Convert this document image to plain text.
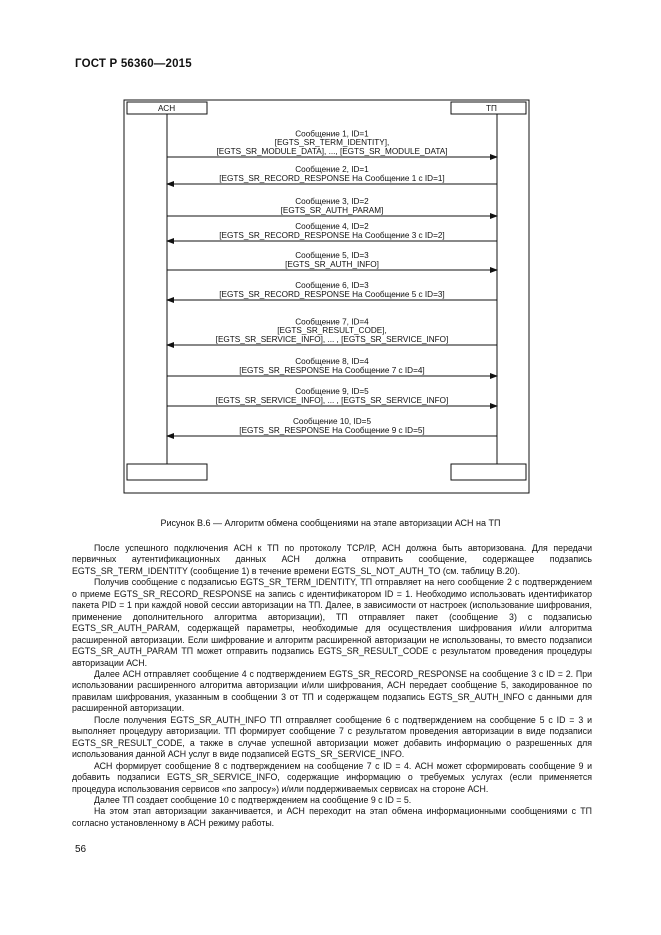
ГОСТ Р 56360—2015
АСН	ТП
Сообщение 1, ID=1
[EGTS_SR_TERM_IDENTITY],
[EGTS_SR_MODULE_DATA], ..., [EGTS_SR_MODULE_DATA]
Сообщение 2, ID=1
[EGTS_SR_RECORD_RESPONSE На Сообщение 1 с ID=1]
Сообщение 3, ID=2
[EGTS_SR_AUTH_PARAM]
Сообщение 4, ID=2
[EGTS_SR_RECORD_RESPONSE На Сообщение 3 с ID=2]
Сообщение 5, ID=3
[EGTS_SR_AUTH_INFO]
Сообщение 6, ID=3
[EGTS_SR_RECORD_RESPONSE На Сообщение 5 с ID=3]
Сообщение 7, ID=4
[EGTS_SR_RESULT_CODE],
[EGTS_SR_SERVICE_INFO], ... , [EGTS_SR_SERVICE_INFO]
Сообщение 8, ID=4
[EGTS_SR_RESPONSE На Сообщение 7 с ID=4]
Сообщение 9, ID=5
[EGTS_SR_SERVICE_INFO], ... , [EGTS_SR_SERVICE_INFO]
Сообщение 10, ID=5
[EGTS_SR_RESPONSE На Сообщение 9 с ID=5]
Рисунок В.6 — Алгоритм обмена сообщениями на этапе авторизации АСН на ТП

После успешного подключения АСН к ТП по протоколу TCP/IP, АСН должна быть авторизована. Для передачи первичных аутентификационных данных АСН должна отправить сообщение, содержащее подзапись EGTS_SR_TERM_IDENTITY (сообщение 1) в течение времени EGTS_SL_NOT_AUTH_TO (см. таблицу В.20).

Получив сообщение с подзаписью EGTS_SR_TERM_IDENTITY, ТП отправляет на него сообщение 2 с подтверждением о приеме EGTS_SR_RECORD_RESPONSE на запись с идентификатором ID = 1. Необходимо использовать идентификатор пакета PID = 1 при каждой новой сессии авторизации на ТП. Далее, в зависимости от настроек (использование шифрования, применение дополнительного алгоритма авторизации), ТП отправляет пакет (сообщение 3) с подзаписью EGTS_SR_AUTH_PARAM, содержащей параметры, необходимые для осуществления шифрования и/или алгоритма расширенной авторизации. Если шифрование и алгоритм расширенной авторизации не использованы, то вместо подзаписи EGTS_SR_AUTH_PARAM ТП может отправить подзапись EGTS_SR_RESULT_CODE с результатом проведения процедуры авторизации АСН.

Далее АСН отправляет сообщение 4 с подтверждением EGTS_SR_RECORD_RESPONSE на сообщение 3 с ID = 2. При использовании расширенного алгоритма авторизации и/или шифрования, АСН передает сообщение 5, закодированное по правилам шифрования, указанным в сообщении 3 от ТП и содержащем подзапись EGTS_SR_AUTH_INFO с данными для расширенной авторизации.

После получения EGTS_SR_AUTH_INFO ТП отправляет сообщение 6 с подтверждением на сообщение 5 с ID = 3 и выполняет процедуру авторизации. ТП формирует сообщение 7 с результатом проведения авторизации в виде подзаписи EGTS_SR_RESULT_CODE, а также в случае успешной авторизации может добавить информацию о разрешенных для использования данной АСН услуг в виде подзаписей EGTS_SR_SERVICE_INFO.

АСН формирует сообщение 8 с подтверждением на сообщение 7 с ID = 4. АСН может сформировать сообщение 9 и добавить подзаписи EGTS_SR_SERVICE_INFO, содержащие информацию о требуемых услугах (если применяется процедура использования сервисов «по запросу») и/или поддерживаемых сервисах на стороне АСН.

Далее ТП создает сообщение 10 с подтверждением на сообщение 9 с ID = 5.

На этом этап авторизации заканчивается, и АСН переходит на этап обмена информационными сообщениями с ТП согласно установленному в АСН режиму работы.

56
